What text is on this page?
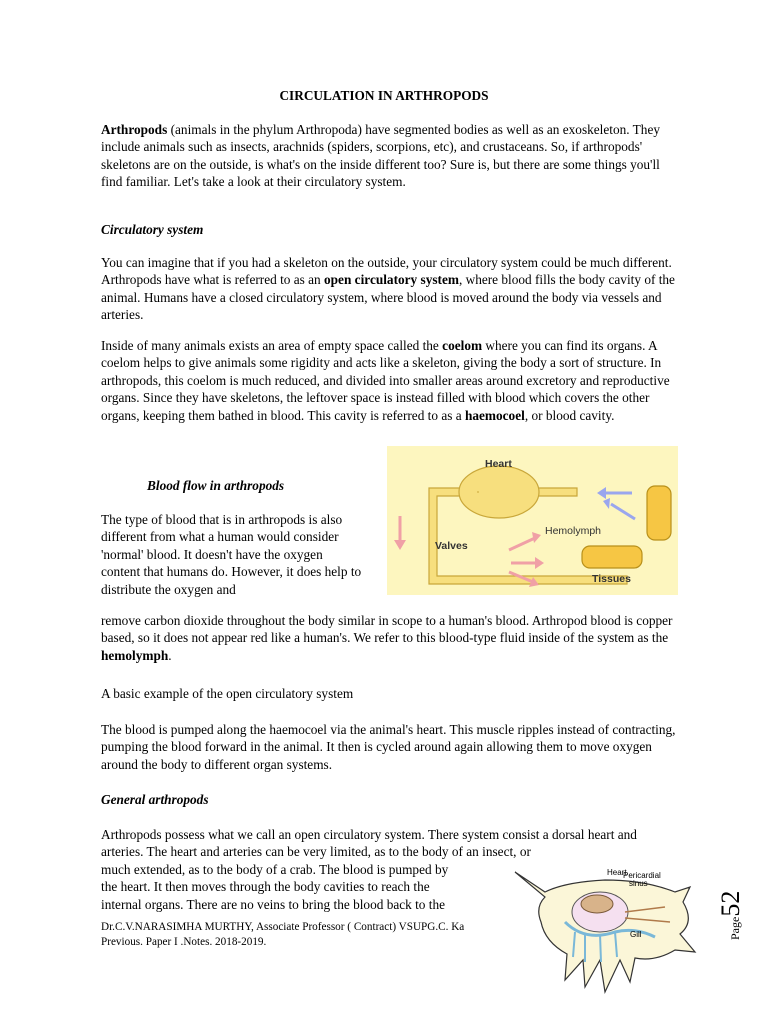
CIRCULATION IN ARTHROPODS

Arthropods (animals in the phylum Arthropoda) have segmented bodies as well as an exoskeleton. They include animals such as insects, arachnids (spiders, scorpions, etc), and crustaceans. So, if arthropods' skeletons are on the outside, is what's on the inside different too? Sure is, but there are some things you'll find familiar. Let's take a look at their circulatory system.

Circulatory system

You can imagine that if you had a skeleton on the outside, your circulatory system could be much different. Arthropods have what is referred to as an open circulatory system, where blood fills the body cavity of the animal. Humans have a closed circulatory system, where blood is moved around the body via vessels and arteries.

Inside of many animals exists an area of empty space called the coelom where you can find its organs. A coelom helps to give animals some rigidity and acts like a skeleton, giving the body a sort of structure. In arthropods, this coelom is much reduced, and divided into smaller areas around excretory and reproductive organs. Since they have skeletons, the leftover space is instead filled with blood which covers the other organs, keeping them bathed in blood. This cavity is referred to as a haemocoel, or blood cavity.

Blood flow in arthropods

The type of blood that is in arthropods is also different from what a human would consider 'normal' blood. It doesn't have the oxygen content that humans do. However, it does help to distribute the oxygen and

remove carbon dioxide throughout the body similar in scope to a human's blood. Arthropod blood is copper based, so it does not appear red like a human's. We refer to this blood-type fluid inside of the system as the hemolymph.

A basic example of the open circulatory system

The blood is pumped along the haemocoel via the animal's heart. This muscle ripples instead of contracting, pumping the blood forward in the animal. It then is cycled around again allowing them to move oxygen around the body to different organ systems.

General arthropods

Arthropods possess what we call an open circulatory system. There system consist a dorsal heart and arteries. The heart and arteries can be very limited, as to the body of an insect, or

much extended, as to the body of a crab. The blood is pumped by
the heart. It then moves through the body cavities to reach the
internal organs. There are no veins to bring the blood back to the
Heart
Hemolymph
Valves
Tissues
Heart
Pericardial
sinus
Gill
Dr.C.V.NARASIMHA MURTHY, Associate Professor ( Contract) VSUPG.C. Ka
Previous. Paper I .Notes. 2018-2019.
Page52
